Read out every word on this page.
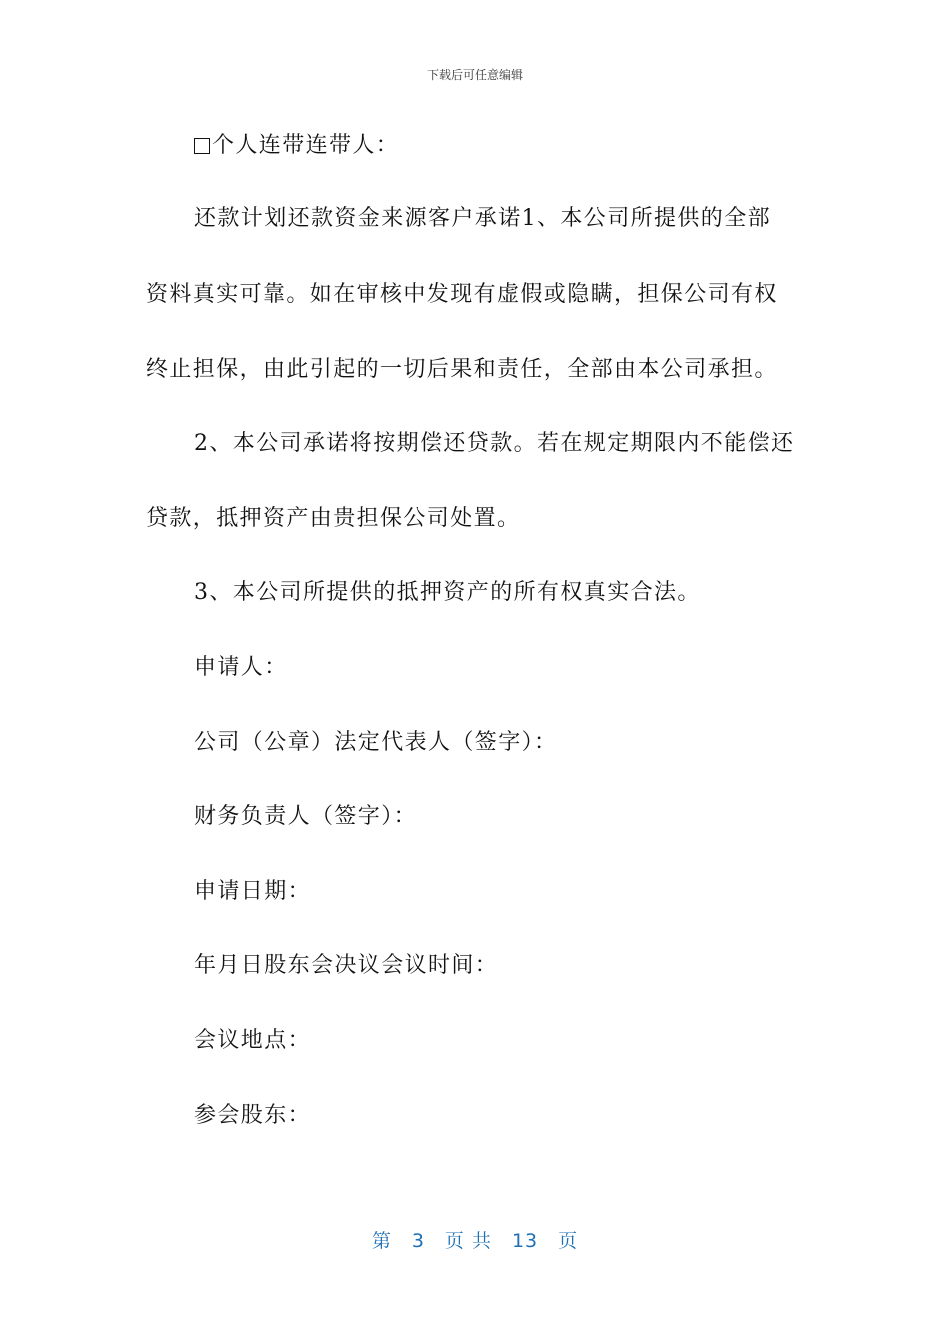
下载后可任意编辑
个人连带连带人：
还款计划还款资金来源客户承诺1、本公司所提供的全部
资料真实可靠。如在审核中发现有虚假或隐瞒，担保公司有权
终止担保，由此引起的一切后果和责任，全部由本公司承担。
2、本公司承诺将按期偿还贷款。若在规定期限内不能偿还
贷款，抵押资产由贵担保公司处置。
3、本公司所提供的抵押资产的所有权真实合法。
申请人：
公司（公章）法定代表人（签字）：
财务负责人（签字）：
申请日期：
年月日股东会决议会议时间：
会议地点：
参会股东：
第 3 页 共 13 页
